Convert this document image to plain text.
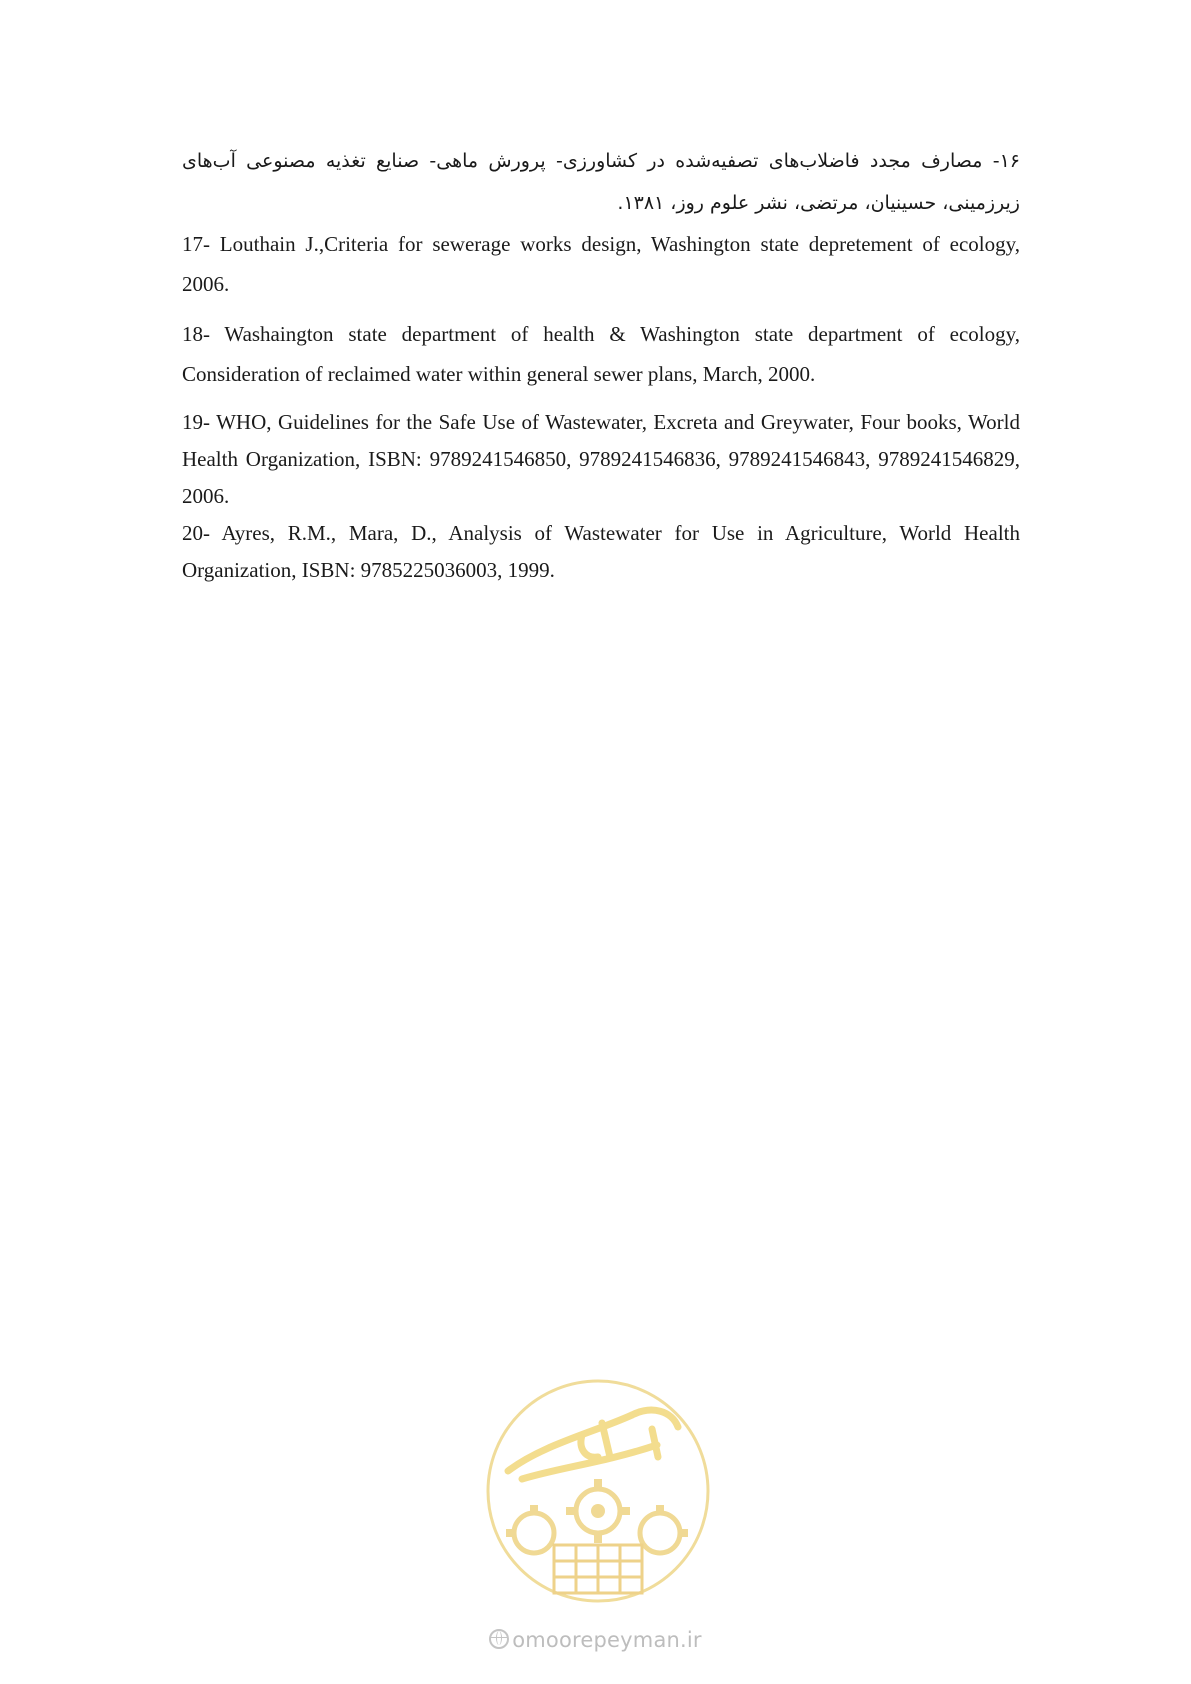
۱۶- مصارف مجدد فاضلاب‌های تصفیه‌شده در کشاورزی- پرورش ماهی- صنایع تغذیه مصنوعی آب‌های زیرزمینی، حسینیان، مرتضی، نشر علوم روز، ۱۳۸۱.

17- Louthain J.,Criteria for sewerage works design, Washington state depretement of ecology, 2006.

18- Washaington state department of health & Washington state department of ecology, Consideration of reclaimed water within general sewer plans, March, 2000.

19- WHO, Guidelines for the Safe Use of Wastewater, Excreta and Greywater, Four books, World Health Organization, ISBN: 9789241546850, 9789241546836, 9789241546843, 9789241546829, 2006.

20- Ayres, R.M., Mara, D., Analysis of Wastewater for Use in Agriculture, World Health Organization, ISBN: 9785225036003, 1999.

omoorepeyman.ir
